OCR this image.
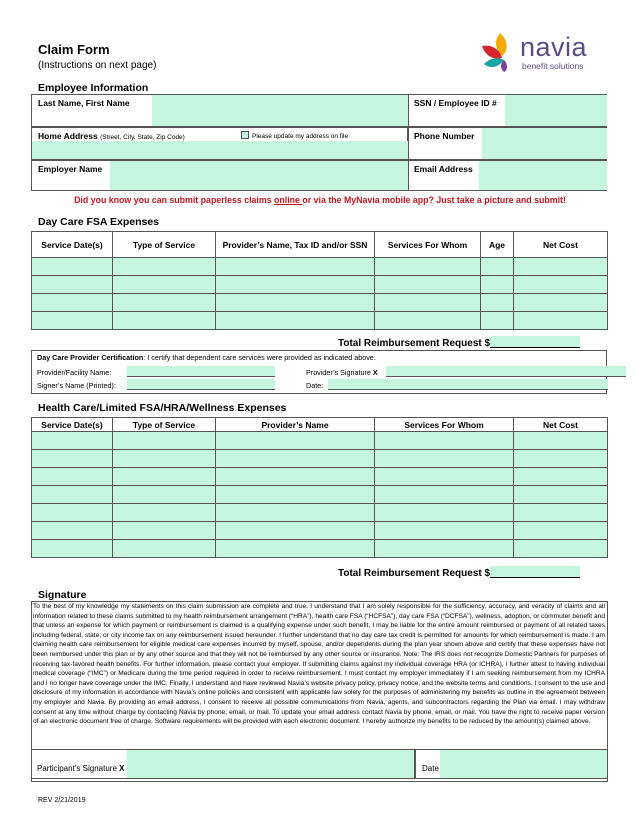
Claim Form
(Instructions on next page)
navia
benefit solutions
Employee Information
Last Name, First Name	SSN / Employee ID #
Home Address (Street, City, State, Zip Code)	Please update my address on file	Phone Number
Employer Name	Email Address
Did you know you can submit paperless claims online or via the MyNavia mobile app? Just take a picture and submit!
Day Care FSA Expenses
Service Date(s)	Type of Service	Provider’s Name, Tax ID and/or SSN	Services For Whom	Age	Net Cost

Total Reimbursement Request $
Day Care Provider Certification: I certify that dependent care services were provided as indicated above.
Provider/Facility Name:	Provider’s Signature X
Signer’s Name (Printed):	Date:
Health Care/Limited FSA/HRA/Wellness Expenses
Service Date(s)	Type of Service	Provider’s Name	Services For Whom	Net Cost

Total Reimbursement Request $
Signature
To the best of my knowledge my statements on this claim submission are complete and true. I understand that I am solely responsible for the sufficiency, accuracy, and veracity of claims and all information related to these claims submitted to my health reimbursement arrangement (“HRA”), health care FSA (“HCFSA”), day care FSA (“DCFSA”), wellness, adoption, or commuter benefit and that unless an expense for which payment or reimbursement is claimed is a qualifying expense under such benefit, I may be liable for the entire amount reimbursed or payment of all related taxes including federal, state, or city income tax on any reimbursement issued hereunder. I further understand that no day care tax credit is permitted for amounts for which reimbursement is made. I am claiming health care reimbursement for eligible medical care expenses incurred by myself, spouse, and/or dependents during the plan year shown above and certify that these expenses have not been reimbursed under this plan or by any other source and that they will not be reimbursed by any other source or insurance. Note: The IRS does not recognize Domestic Partners for purposes of receiving tax-favored health benefits. For further information, please contact your employer. If submitting claims against my individual coverage HRA (or ICHRA), I further attest to having individual medical coverage (“IMC”) or Medicare during the time period required in order to receive reimbursement. I must contact my employer immediately if I am seeking reimbursement from my ICHRA and I no longer have coverage under the IMC. Finally, I understand and have reviewed Navia’s website privacy policy, privacy notice, and the website terms and conditions. I consent to the use and disclosure of my information in accordance with Navia’s online policies and consistent with applicable law solely for the purposes of administering my benefits as outline in the agreement between my employer and Navia. By providing an email address, I consent to receive all possible communications from Navia, agents, and subcontractors regarding the Plan via email. I may withdraw consent at any time without charge by contacting Navia by phone, email, or mail. To update your email address contact Navia by phone, email, or mail. You have the right to receive paper version of an electronic document free of charge. Software requirements will be provided with each electronic document. I hereby authorize my benefits to be reduced by the amount(s) claimed above.
Participant’s Signature X	Date
REV 2/21/2019
